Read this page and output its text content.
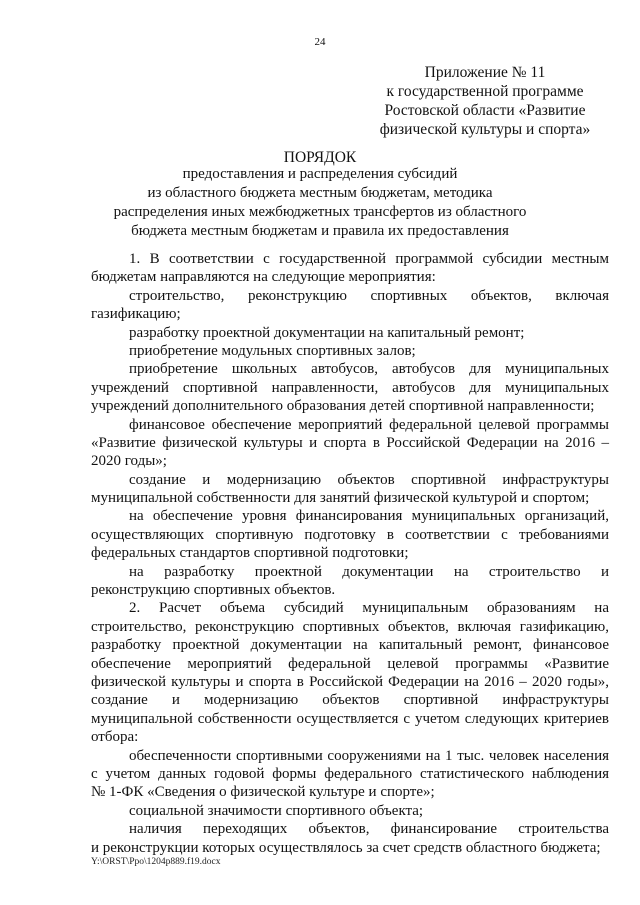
24
Приложение № 11
к государственной программе
Ростовской области «Развитие
физической культуры и спорта»
ПОРЯДОК
предоставления и распределения субсидий
из областного бюджета местным бюджетам, методика
распределения иных межбюджетных трансфертов из областного
бюджета местным бюджетам и правила их предоставления
1. В соответствии с государственной программой субсидии местным
бюджетам направляются на следующие мероприятия:
строительство, реконструкцию спортивных объектов, включая
газификацию;
разработку проектной документации на капитальный ремонт;
приобретение модульных спортивных залов;
приобретение школьных автобусов, автобусов для муниципальных
учреждений спортивной направленности, автобусов для муниципальных
учреждений дополнительного образования детей спортивной направленности;
финансовое обеспечение мероприятий федеральной целевой программы
«Развитие физической культуры и спорта в Российской Федерации на 2016 –
2020 годы»;
создание и модернизацию объектов спортивной инфраструктуры
муниципальной собственности для занятий физической культурой и спортом;
на обеспечение уровня финансирования муниципальных организаций,
осуществляющих спортивную подготовку в соответствии с требованиями
федеральных стандартов спортивной подготовки;
на разработку проектной документации на строительство и
реконструкцию спортивных объектов.
2. Расчет объема субсидий муниципальным образованиям на
строительство, реконструкцию спортивных объектов, включая газификацию,
разработку проектной документации на капитальный ремонт, финансовое
обеспечение мероприятий федеральной целевой программы «Развитие
физической культуры и спорта в Российской Федерации на 2016 – 2020 годы»,
создание и модернизацию объектов спортивной инфраструктуры
муниципальной собственности осуществляется с учетом следующих критериев
отбора:
обеспеченности спортивными сооружениями на 1 тыс. человек населения
с учетом данных годовой формы федерального статистического наблюдения
№ 1-ФК «Сведения о физической культуре и спорте»;
социальной значимости спортивного объекта;
наличия переходящих объектов, финансирование строительства
и реконструкции которых осуществлялось за счет средств областного бюджета;
Y:\ORST\Ppo\1204p889.f19.docx
